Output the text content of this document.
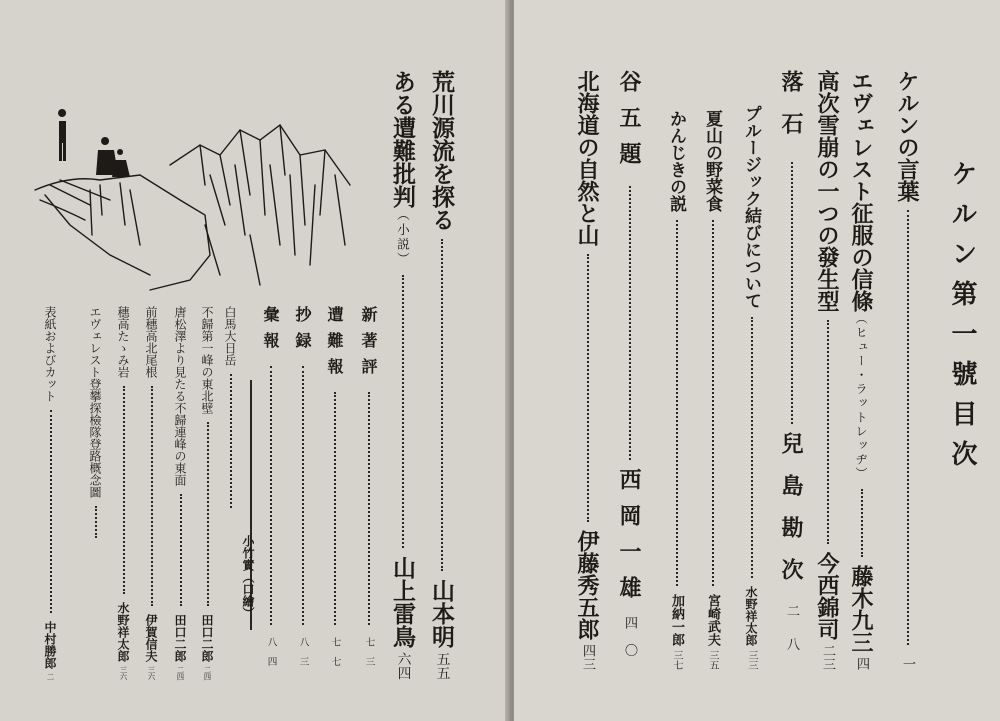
荒川源流を探る
山本明
五五
ある遭難批判
（小説）
山上雷鳥
六四
新著評
七三
遭難報
七七
抄録
八三
彙報
八四
小竹實（口繪）
白馬大日岳
不歸第一峰の東北壁
田口二郎
二四
唐松澤より見たる不歸連峰の東面
田口二郎
二四
前穗高北尾根
伊賀信夫
三六
穗高たゝみ岩
水野祥太郎
三六
エヴェレスト登攀探檢隊登路概念圖
表紙およびカット
中村勝郎
二
ケルン第一號目次
ケルンの言葉
一
エヴェレスト征服の信條
（ヒュー・ラットレッヂ）
藤木九三
四
高次雪崩の一つの發生型
今西錦司
二三
落石
兒島勘次
二八
プルージック結びについて
水野祥太郎
三三
夏山の野菜食
宮崎武夫
三五
かんじきの説
加納一郎
三七
谷五題
西岡一雄
四〇
北海道の自然と山
伊藤秀五郎
四三
